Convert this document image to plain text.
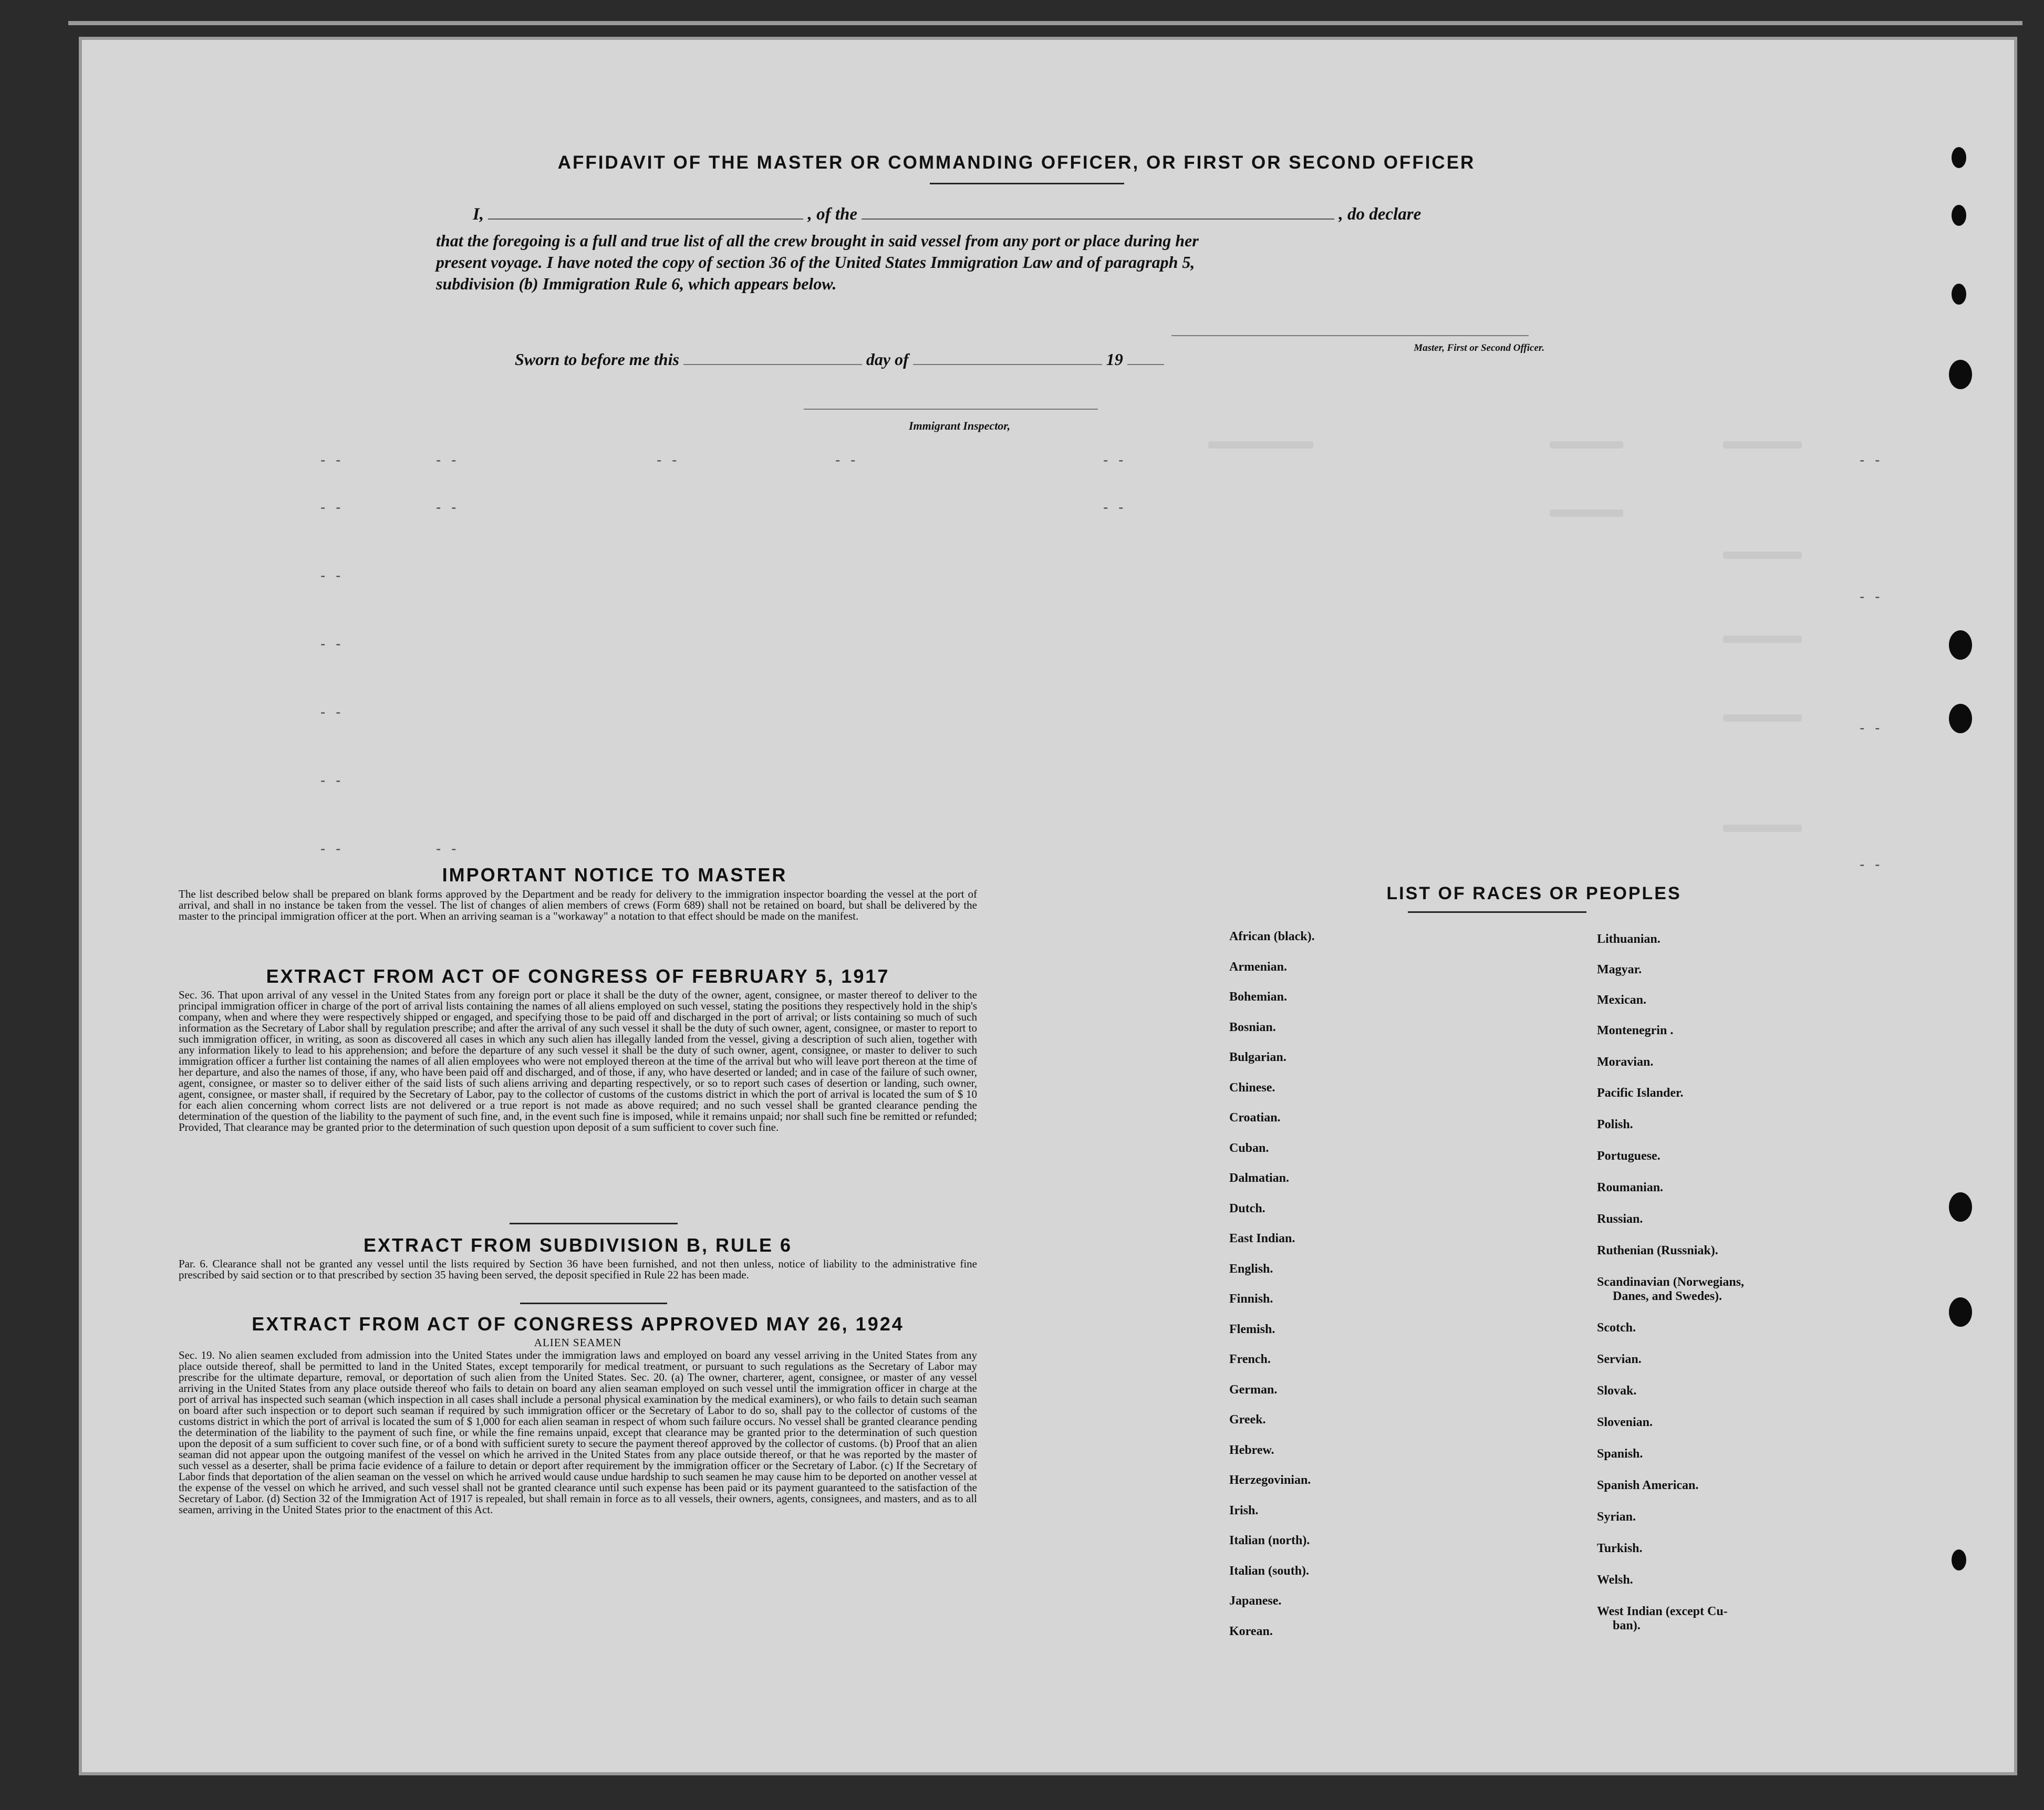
AFFIDAVIT OF THE MASTER OR COMMANDING OFFICER, OR FIRST OR SECOND OFFICER
I,	, of the	, do declare
that the foregoing is a full and true list of all the crew brought in said vessel from any port or place during her
present voyage. I have noted the copy of section 36 of the United States Immigration Law and of paragraph 5,
subdivision (b) Immigration Rule 6, which appears below.
Master, First or Second Officer.
Sworn to before me this	day of	19
Immigrant Inspector,
- -	- -	- -	- -	- -
- -	- -	- -
- -
- -
- -
- -
- -	- -
- -
- -
- -
- -
IMPORTANT NOTICE TO MASTER
The list described below shall be prepared on blank forms approved by the Department and be ready for delivery to the immigration inspector boarding the vessel at the port of arrival, and shall in no instance be taken from the vessel. The list of changes of alien members of crews (Form 689) shall not be retained on board, but shall be delivered by the master to the principal immigration officer at the port. When an arriving seaman is a "workaway" a notation to that effect should be made on the manifest.
EXTRACT FROM ACT OF CONGRESS OF FEBRUARY 5, 1917
Sec. 36. That upon arrival of any vessel in the United States from any foreign port or place it shall be the duty of the owner, agent, consignee, or master thereof to deliver to the principal immigration officer in charge of the port of arrival lists containing the names of all aliens employed on such vessel, stating the positions they respectively hold in the ship's company, when and where they were respectively shipped or engaged, and specifying those to be paid off and discharged in the port of arrival; or lists containing so much of such information as the Secretary of Labor shall by regulation prescribe; and after the arrival of any such vessel it shall be the duty of such owner, agent, consignee, or master to report to such immigration officer, in writing, as soon as discovered all cases in which any such alien has illegally landed from the vessel, giving a description of such alien, together with any information likely to lead to his apprehension; and before the departure of any such vessel it shall be the duty of such owner, agent, consignee, or master to deliver to such immigration officer a further list containing the names of all alien employees who were not employed thereon at the time of the arrival but who will leave port thereon at the time of her departure, and also the names of those, if any, who have been paid off and discharged, and of those, if any, who have deserted or landed; and in case of the failure of such owner, agent, consignee, or master so to deliver either of the said lists of such aliens arriving and departing respectively, or so to report such cases of desertion or landing, such owner, agent, consignee, or master shall, if required by the Secretary of Labor, pay to the collector of customs of the customs district in which the port of arrival is located the sum of $ 10 for each alien concerning whom correct lists are not delivered or a true report is not made as above required; and no such vessel shall be granted clearance pending the determination of the question of the liability to the payment of such fine, and, in the event such fine is imposed, while it remains unpaid; nor shall such fine be remitted or refunded; Provided, That clearance may be granted prior to the determination of such question upon deposit of a sum sufficient to cover such fine.
EXTRACT FROM SUBDIVISION B, RULE 6
Par. 6. Clearance shall not be granted any vessel until the lists required by Section 36 have been furnished, and not then unless, notice of liability to the administrative fine prescribed by said section or to that prescribed by section 35 having been served, the deposit specified in Rule 22 has been made.
EXTRACT FROM ACT OF CONGRESS APPROVED MAY 26, 1924
ALIEN SEAMEN
Sec. 19. No alien seamen excluded from admission into the United States under the immigration laws and employed on board any vessel arriving in the United States from any place outside thereof, shall be permitted to land in the United States, except temporarily for medical treatment, or pursuant to such regulations as the Secretary of Labor may prescribe for the ultimate departure, removal, or deportation of such alien from the United States. Sec. 20. (a) The owner, charterer, agent, consignee, or master of any vessel arriving in the United States from any place outside thereof who fails to detain on board any alien seaman employed on such vessel until the immigration officer in charge at the port of arrival has inspected such seaman (which inspection in all cases shall include a personal physical examination by the medical examiners), or who fails to detain such seaman on board after such inspection or to deport such seaman if required by such immigration officer or the Secretary of Labor to do so, shall pay to the collector of customs of the customs district in which the port of arrival is located the sum of $ 1,000 for each alien seaman in respect of whom such failure occurs. No vessel shall be granted clearance pending the determination of the liability to the payment of such fine, or while the fine remains unpaid, except that clearance may be granted prior to the determination of such question upon the deposit of a sum sufficient to cover such fine, or of a bond with sufficient surety to secure the payment thereof approved by the collector of customs. (b) Proof that an alien seaman did not appear upon the outgoing manifest of the vessel on which he arrived in the United States from any place outside thereof, or that he was reported by the master of such vessel as a deserter, shall be prima facie evidence of a failure to detain or deport after requirement by the immigration officer or the Secretary of Labor. (c) If the Secretary of Labor finds that deportation of the alien seaman on the vessel on which he arrived would cause undue hardship to such seamen he may cause him to be deported on another vessel at the expense of the vessel on which he arrived, and such vessel shall not be granted clearance until such expense has been paid or its payment guaranteed to the satisfaction of the Secretary of Labor. (d) Section 32 of the Immigration Act of 1917 is repealed, but shall remain in force as to all vessels, their owners, agents, consignees, and masters, and as to all seamen, arriving in the United States prior to the enactment of this Act.
LIST OF RACES OR PEOPLES
African (black).
Armenian.
Bohemian.
Bosnian.
Bulgarian.
Chinese.
Croatian.
Cuban.
Dalmatian.
Dutch.
East Indian.
English.
Finnish.
Flemish.
French.
German.
Greek.
Hebrew.
Herzegovinian.
Irish.
Italian (north).
Italian (south).
Japanese.
Korean.
Lithuanian.
Magyar.
Mexican.
Montenegrin .
Moravian.
Pacific Islander.
Polish.
Portuguese.
Roumanian.
Russian.
Ruthenian (Russniak).
Scandinavian (Norwegians,
Danes, and Swedes).
Scotch.
Servian.
Slovak.
Slovenian.
Spanish.
Spanish American.
Syrian.
Turkish.
Welsh.
West Indian (except Cu-
ban).
